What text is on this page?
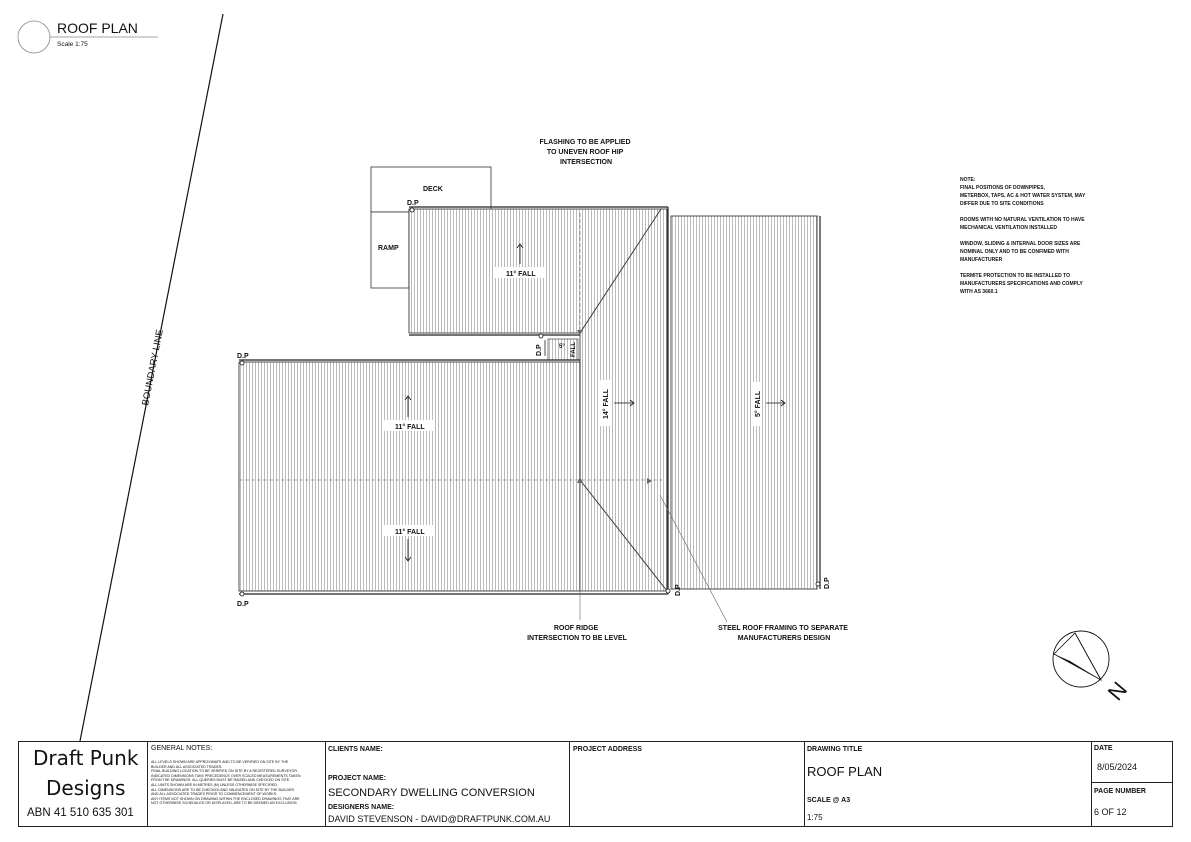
ROOF PLAN
Scale 1:75
BOUNDARY LINE
DECK
RAMP
D.P
D.P
D.P
D.P
D.P
D.P
11° FALL
11° FALL
11° FALL
14° FALL	5° FALL
5° FALL
FLASHING TO BE APPLIED TO UNEVEN ROOF HIP INTERSECTION
ROOF RIDGE INTERSECTION TO BE LEVEL
STEEL ROOF FRAMING TO SEPARATE MANUFACTURERS DESIGN
NOTE: FINAL POSITIONS OF DOWNPIPES, METERBOX, TAPS, AC & HOT WATER SYSTEM, MAY DIFFER DUE TO SITE CONDITIONS ROOMS WITH NO NATURAL VENTILATION TO HAVE MECHANICAL VENTILATION INSTALLED WINDOW, SLIDING & INTERNAL DOOR SIZES ARE NOMINAL ONLY AND TO BE CONFIMED WITH MANUFACTURER TERMITE PROTECTION TO BE INSTALLED TO MANUFACTURERS SPECIFICATIONS AND COMPLY WITH AS 3660.1
N
Draft Punk
Designs
ABN 41 510 635 301
GENERAL NOTES:
ALL LEVELS SHOWN ARE APPROXIMATE AND TO BE VERIFIED ON SITE BY THE
BUILDER AND ALL ASSOCIATED TRADES.
FINAL BUILDING LOCATION TO BE VERIFIED ON SITE BY A REGISTERED SURVEYOR.
INDICATED DIMENSIONS TAKE PRECEDENCE OVER SCALED MEASUREMENTS TAKEN
FROM THE DRAWINGS. ALL QUERIES MUST BE RAISED AND CHECKED ON SITE.
ALL UNITS SHOWN ARE IN METRES (M) UNLESS OTHERWISE SPECIFIED.
ALL DIMENSIONS ARE TO BE CHECKED AND VALIDATED ON SITE BY THE BUILDER
AND ALL ASSOCIATED TRADES PRIOR TO COMMENCEMENT OF WORKS.
ANY ITEMS NOT SHOWN ON DRAWING WITHIN THE ENCLOSED DRAWINGS THAT ARE
NOT OTHERWISE SCHEDULED OR DISPLAYED, ARE TO BE DEEMED AN EXCLUSION.
CLIENTS NAME:
PROJECT NAME:
SECONDARY DWELLING CONVERSION
DESIGNERS NAME:
DAVID STEVENSON - DAVID@DRAFTPUNK.COM.AU
PROJECT ADDRESS	DRAWING TITLE
ROOF PLAN
SCALE @ A3
1:75
DATE
8/05/2024
PAGE NUMBER
6 OF 12
